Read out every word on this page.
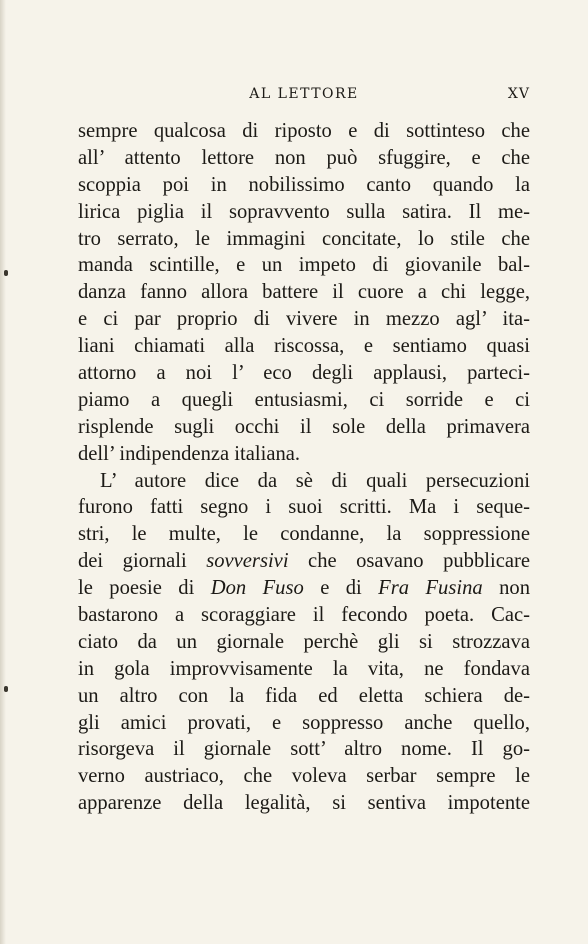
AL LETTORE	XV
sempre qualcosa di riposto e di sottinteso che
all’ attento lettore non può sfuggire, e che
scoppia poi in nobilissimo canto quando la
lirica piglia il sopravvento sulla satira. Il me-
tro serrato, le immagini concitate, lo stile che
manda scintille, e un impeto di giovanile bal-
danza fanno allora battere il cuore a chi legge,
e ci par proprio di vivere in mezzo agl’ ita-
liani chiamati alla riscossa, e sentiamo quasi
attorno a noi l’ eco degli applausi, parteci-
piamo a quegli entusiasmi, ci sorride e ci
risplende sugli occhi il sole della primavera
dell’ indipendenza italiana.
L’ autore dice da sè di quali persecuzioni
furono fatti segno i suoi scritti. Ma i seque-
stri, le multe, le condanne, la soppressione
dei giornali sovversivi che osavano pubblicare
le poesie di Don Fuso e di Fra Fusina non
bastarono a scoraggiare il fecondo poeta. Cac-
ciato da un giornale perchè gli si strozzava
in gola improvvisamente la vita, ne fondava
un altro con la fida ed eletta schiera de-
gli amici provati, e soppresso anche quello,
risorgeva il giornale sott’ altro nome. Il go-
verno austriaco, che voleva serbar sempre le
apparenze della legalità, si sentiva impotente
